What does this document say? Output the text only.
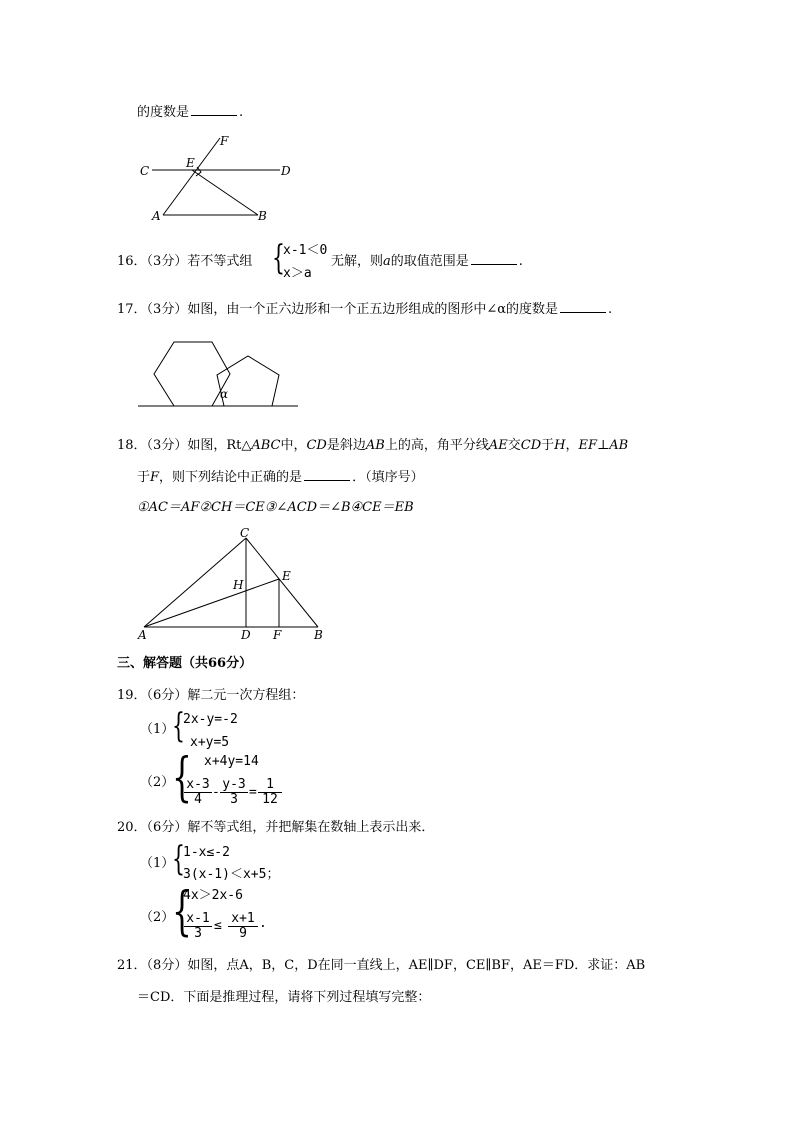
的度数是	.
C
E
F
D
A	B
16．（3分）若不等式组 {
x-1＜0
x＞a
无解，则a的取值范围是	.
17．（3分）如图，由一个正六边形和一个正五边形组成的图形中∠α的度数是	.
α
18．（3分）如图，Rt△ABC中，CD是斜边AB上的高，角平分线AE交CD于H，EF⊥AB
于F，则下列结论中正确的是	．（填序号）
①AC＝AF②CH＝CE③∠ACD＝∠B④CE＝EB
C
E
H
A	D F	B
三、解答题（共66分）
19．（6分）解二元一次方程组：
（1）
{
2x-y=-2
x+y=5
（2）
{ x+4y=14
$\frac{x-3}{4} - \frac{y-3}{3} = \frac{1}{12}$
20．（6分）解不等式组，并把解集在数轴上表示出来．
（1）
{
1-x≤-2
3(x-1)＜x+5；
（2）
{
4x＞2x-6
$\frac{x-1}{3} \le \frac{x+1}{9}$ .
21．（8分）如图，点A，B，C，D在同一直线上，AE∥DF，CE∥BF，AE＝FD．求证：AB
＝CD．下面是推理过程，请将下列过程填写完整：
